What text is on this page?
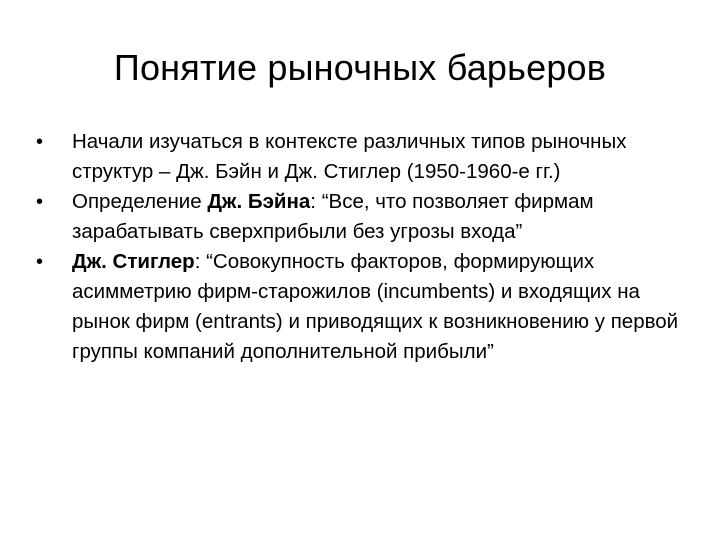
Понятие рыночных барьеров
•	Начали изучаться в контексте различных типов рыночных структур – Дж. Бэйн и Дж. Стиглер (1950-1960-е гг.)
•	Определение Дж. Бэйна: “Все, что позволяет фирмам зарабатывать сверхприбыли без угрозы входа”
•	Дж. Стиглер: “Совокупность факторов, формирующих асимметрию фирм-старожилов (incumbents) и входящих на рынок фирм (entrants) и приводящих к возникновению у первой группы компаний дополнительной прибыли”
